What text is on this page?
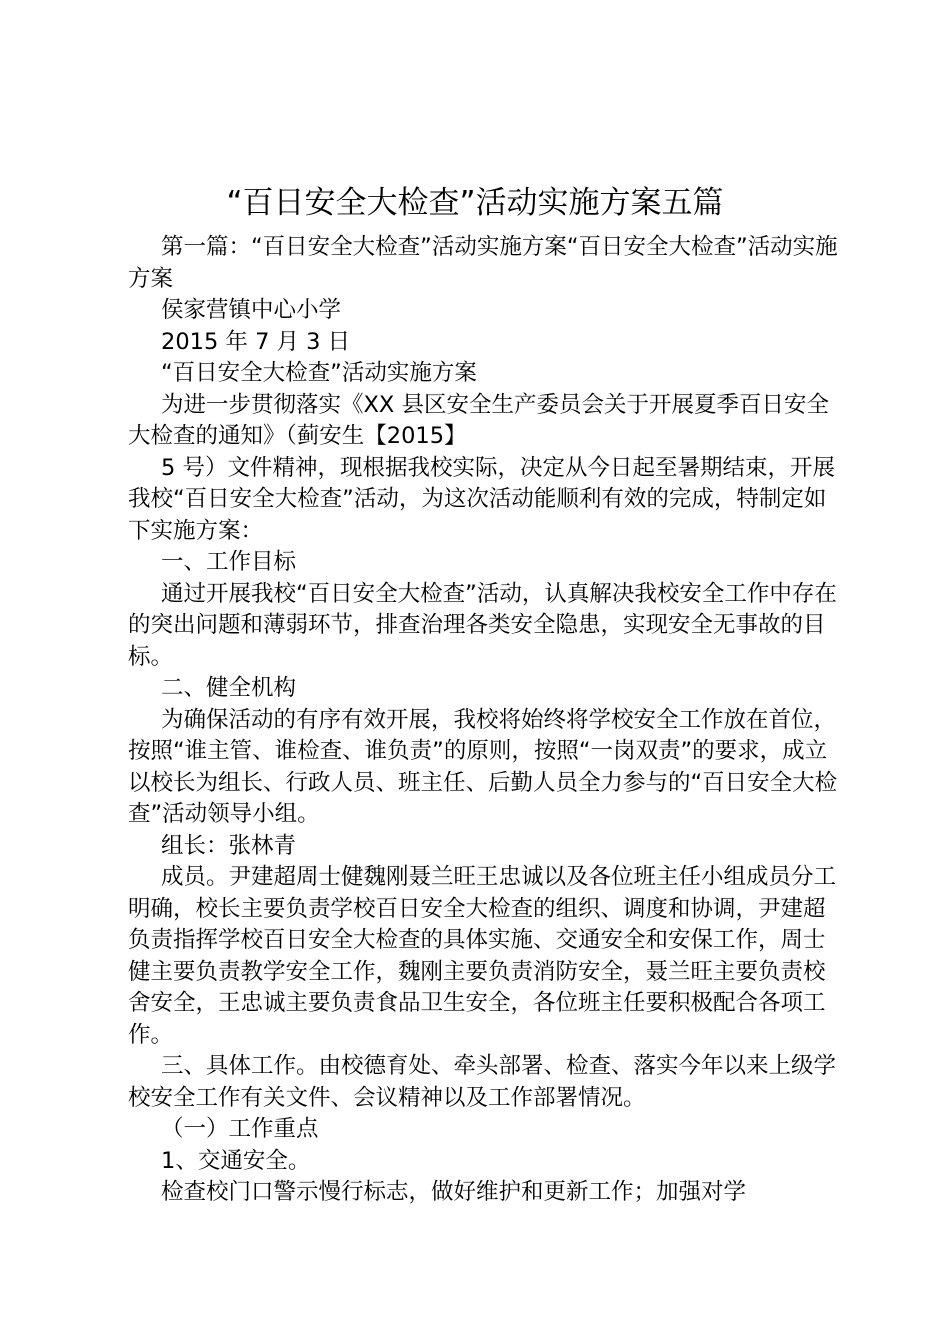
“百日安全大检查”活动实施方案五篇

第一篇：“百日安全大检查”活动实施方案“百日安全大检查”活动实施方案

侯家营镇中心小学

2015 年 7 月 3 日

“百日安全大检查”活动实施方案

为进一步贯彻落实《XX 县区安全生产委员会关于开展夏季百日安全大检查的通知》（蓟安生【2015】

5 号）文件精神，现根据我校实际，决定从今日起至暑期结束，开展我校“百日安全大检查”活动，为这次活动能顺利有效的完成，特制定如下实施方案：

一、工作目标

通过开展我校“百日安全大检查”活动，认真解决我校安全工作中存在的突出问题和薄弱环节，排查治理各类安全隐患，实现安全无事故的目标。

二、健全机构

为确保活动的有序有效开展，我校将始终将学校安全工作放在首位，按照“谁主管、谁检查、谁负责”的原则，按照“一岗双责”的要求，成立以校长为组长、行政人员、班主任、后勤人员全力参与的“百日安全大检查”活动领导小组。

组长：张林青

成员。尹建超周士健魏刚聂兰旺王忠诚以及各位班主任小组成员分工明确，校长主要负责学校百日安全大检查的组织、调度和协调，尹建超负责指挥学校百日安全大检查的具体实施、交通安全和安保工作，周士健主要负责教学安全工作，魏刚主要负责消防安全，聂兰旺主要负责校舍安全，王忠诚主要负责食品卫生安全，各位班主任要积极配合各项工作。

三、具体工作。由校德育处、牵头部署、检查、落实今年以来上级学校安全工作有关文件、会议精神以及工作部署情况。

（一）工作重点

1、交通安全。

检查校门口警示慢行标志，做好维护和更新工作；加强对学
